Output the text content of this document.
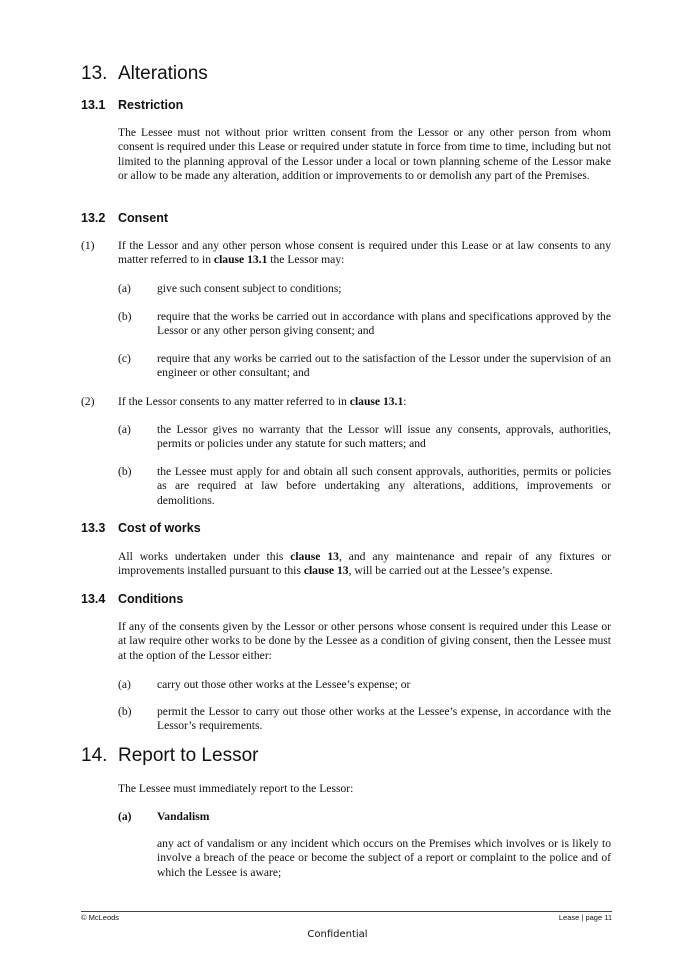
13. Alterations
13.1 Restriction

The Lessee must not without prior written consent from the Lessor or any other person from whom consent is required under this Lease or required under statute in force from time to time, including but not limited to the planning approval of the Lessor under a local or town planning scheme of the Lessor make or allow to be made any alteration, addition or improvements to or demolish any part of the Premises.

13.2 Consent
(1) If the Lessor and any other person whose consent is required under this Lease or at law consents to any matter referred to in clause 13.1 the Lessor may:

(a) give such consent subject to conditions;

(b) require that the works be carried out in accordance with plans and specifications approved by the Lessor or any other person giving consent; and

(c) require that any works be carried out to the satisfaction of the Lessor under the supervision of an engineer or other consultant; and

(2) If the Lessor consents to any matter referred to in clause 13.1:

(a) the Lessor gives no warranty that the Lessor will issue any consents, approvals, authorities, permits or policies under any statute for such matters; and

(b) the Lessee must apply for and obtain all such consent approvals, authorities, permits or policies as are required at law before undertaking any alterations, additions, improvements or demolitions.

13.3 Cost of works

All works undertaken under this clause 13, and any maintenance and repair of any fixtures or improvements installed pursuant to this clause 13, will be carried out at the Lessee’s expense.

13.4 Conditions

If any of the consents given by the Lessor or other persons whose consent is required under this Lease or at law require other works to be done by the Lessee as a condition of giving consent, then the Lessee must at the option of the Lessor either:

(a) carry out those other works at the Lessee’s expense; or

(b) permit the Lessor to carry out those other works at the Lessee’s expense, in accordance with the Lessor’s requirements.

14. Report to Lessor

The Lessee must immediately report to the Lessor:

(a) Vandalism

any act of vandalism or any incident which occurs on the Premises which involves or is likely to involve a breach of the peace or become the subject of a report or complaint to the police and of which the Lessee is aware;

© McLeods	Lease | page 11
Confidential
